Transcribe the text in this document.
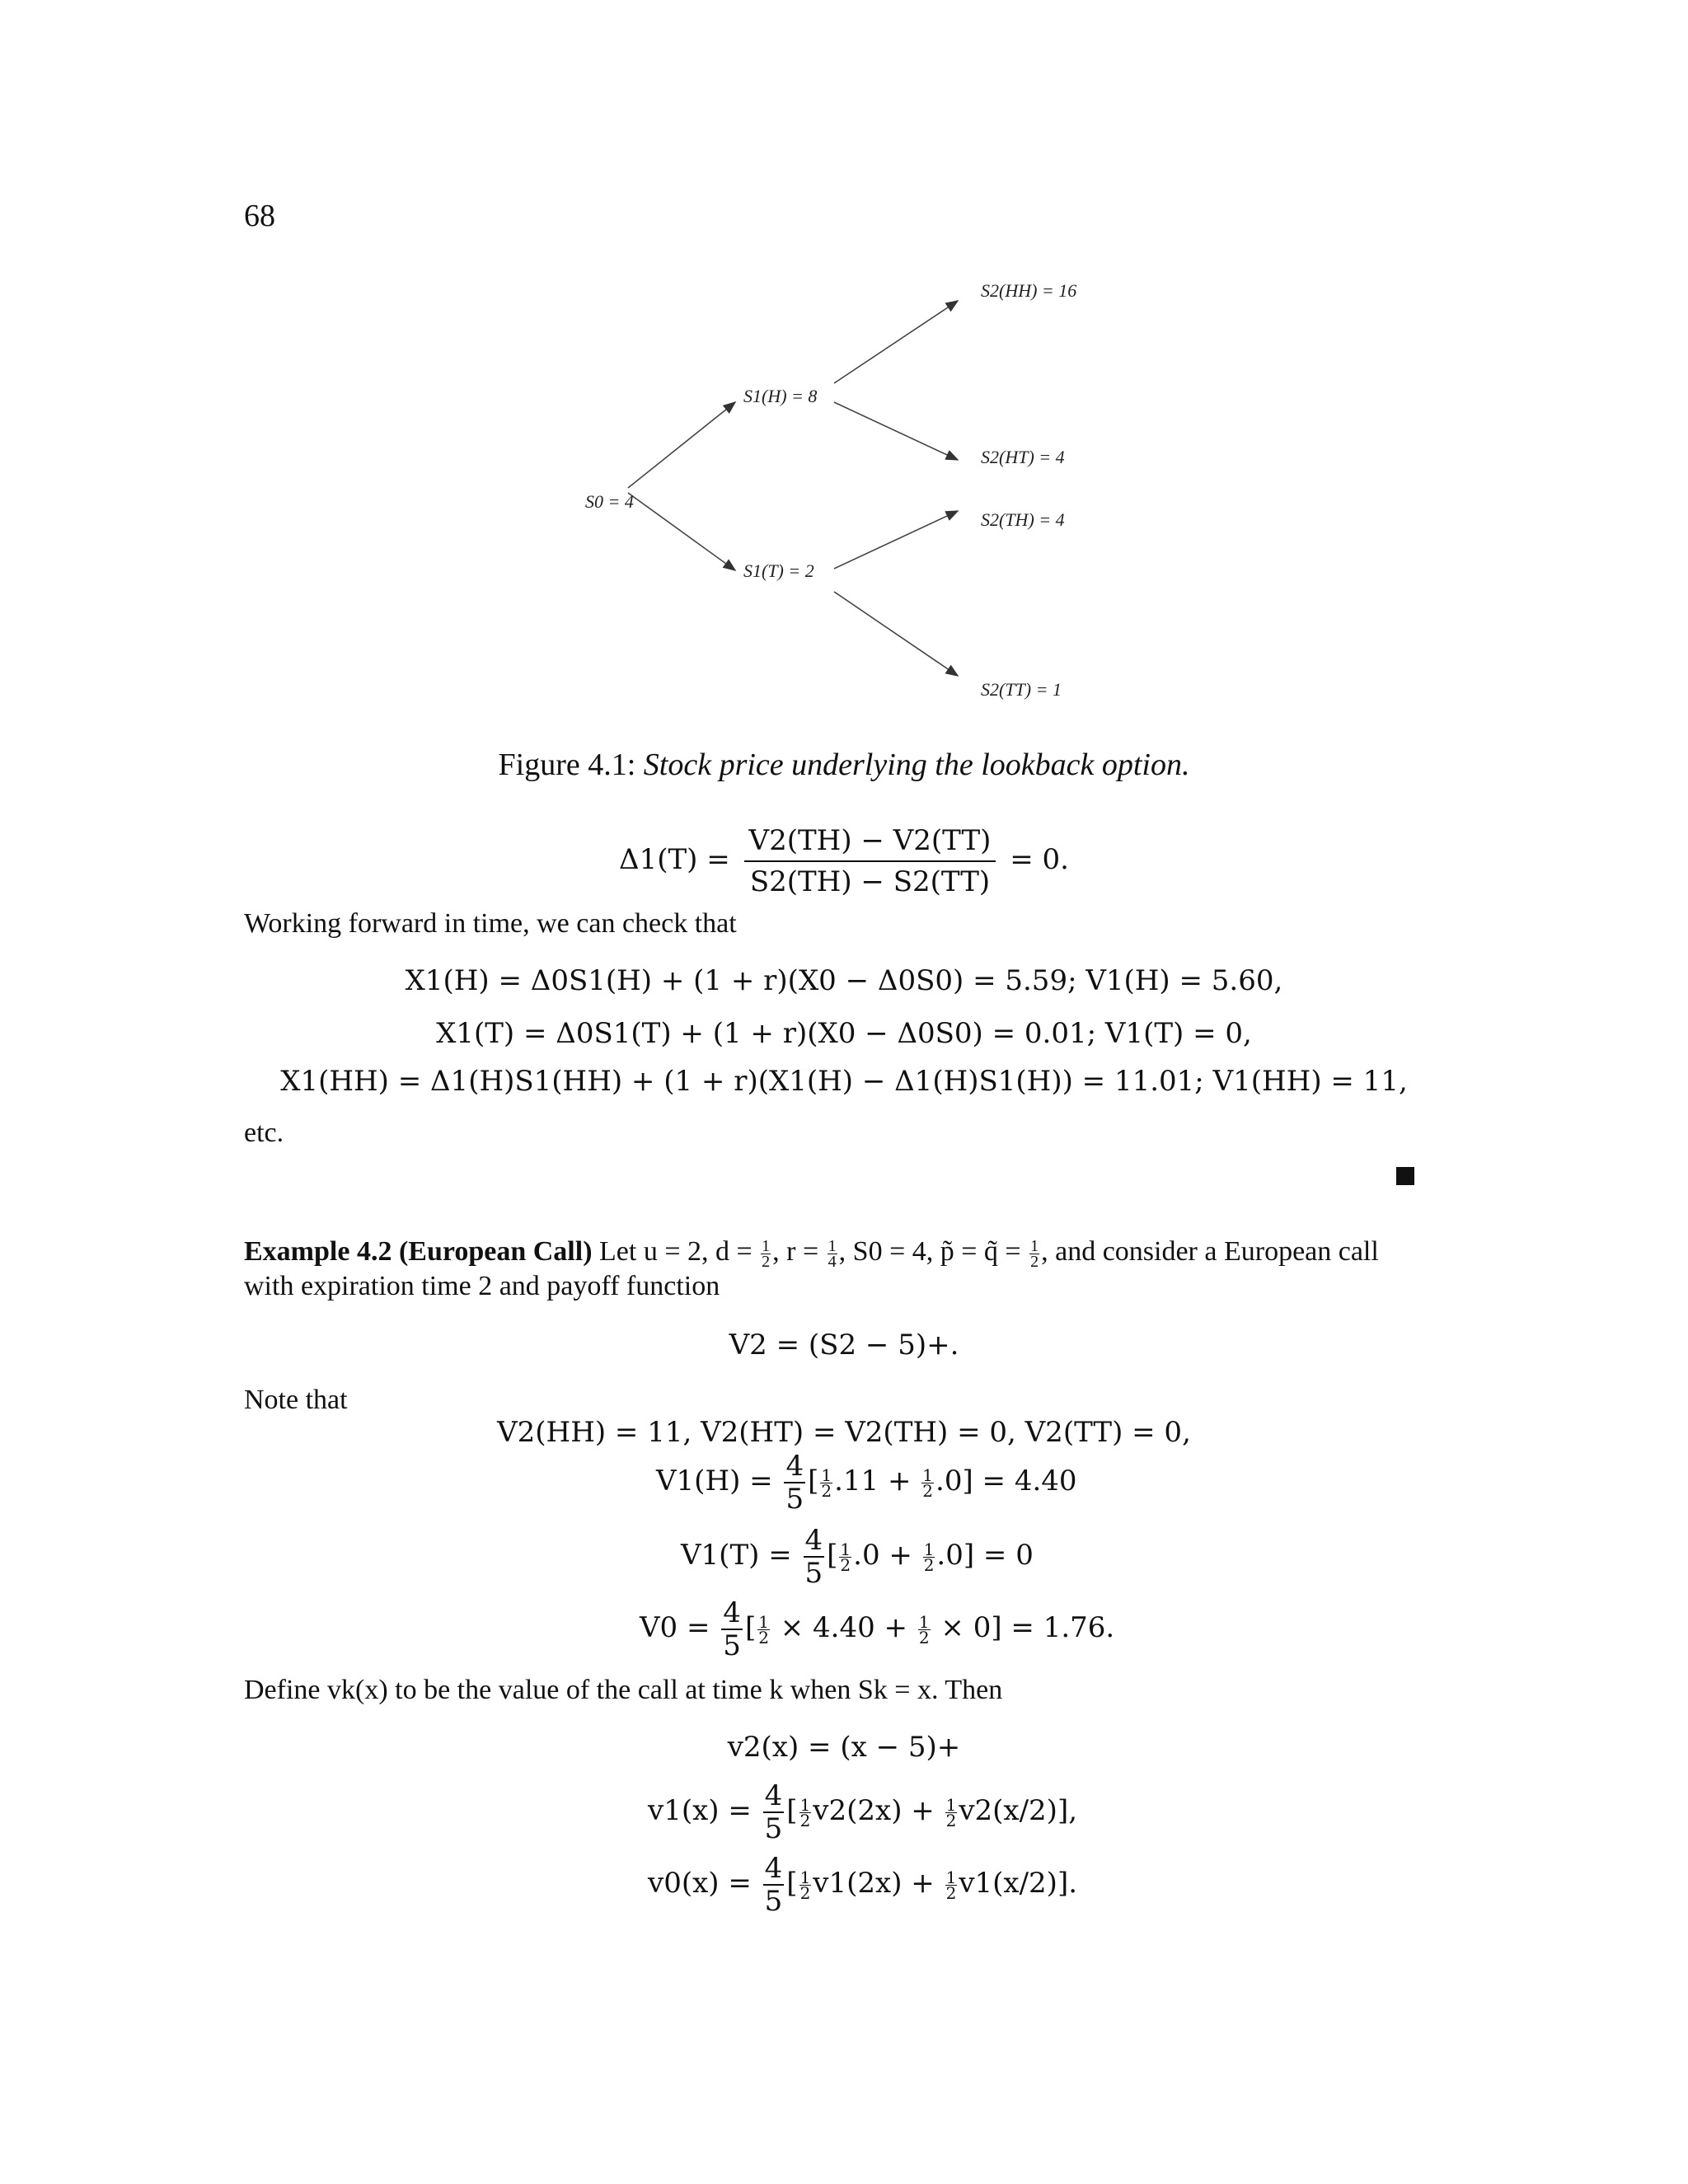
68
S0 = 4
S1(H) = 8
S1(T) = 2
S2(HH) = 16
S2(HT) = 4
S2(TH) = 4
S2(TT) = 1
Figure 4.1: Stock price underlying the lookback option.
$\Delta 1(T) = \frac{V2(TH) - V2(TT)}{S2(TH) - S2(TT)} = 0$.
Working forward in time, we can check that
X1(H) = Δ0S1(H) + (1 + r)(X0 − Δ0S0) = 5.59; V1(H) = 5.60,
X1(T) = Δ0S1(T) + (1 + r)(X0 − Δ0S0) = 0.01; V1(T) = 0,
X1(HH) = Δ1(H)S1(HH) + (1 + r)(X1(H) − Δ1(H)S1(H)) = 11.01; V1(HH) = 11,
etc.
Example 4.2 (European Call) Let u = 2, $d = \frac{1}{2}$ , $r = \frac{1}{4}$ , S0 = 4, p̃ = q̃ = $\frac{1}{2}$ , and consider a European call
with expiration time 2 and payoff function
V2 = (S2 − 5)+.
Note that
V2(HH) = 11, V2(HT) = V2(TH) = 0, V2(TT) = 0,
$V1(H) = \frac{4}{5}$ [ $\frac{1}{2} .11 + \frac{1}{2} .0] = 4.40$
$V1(T) = \frac{4}{5}$ [ $\frac{1}{2} .0 + \frac{1}{2} .0] = 0$
$V0 = \frac{4}{5}$ [ $\frac{1}{2} \times 4.40 + \frac{1}{2} \times 0] = 1.76$.
Define vk(x) to be the value of the call at time k when Sk = x. Then
v2(x) = (x − 5)+
$v1(x) = \frac{4}{5}$ [ $\frac{1}{2} v2(2x) + \frac{1}{2} v2(x/2)$],
$v0(x) = \frac{4}{5}$ [ $\frac{1}{2} v1(2x) + \frac{1}{2} v1(x/2)$].
